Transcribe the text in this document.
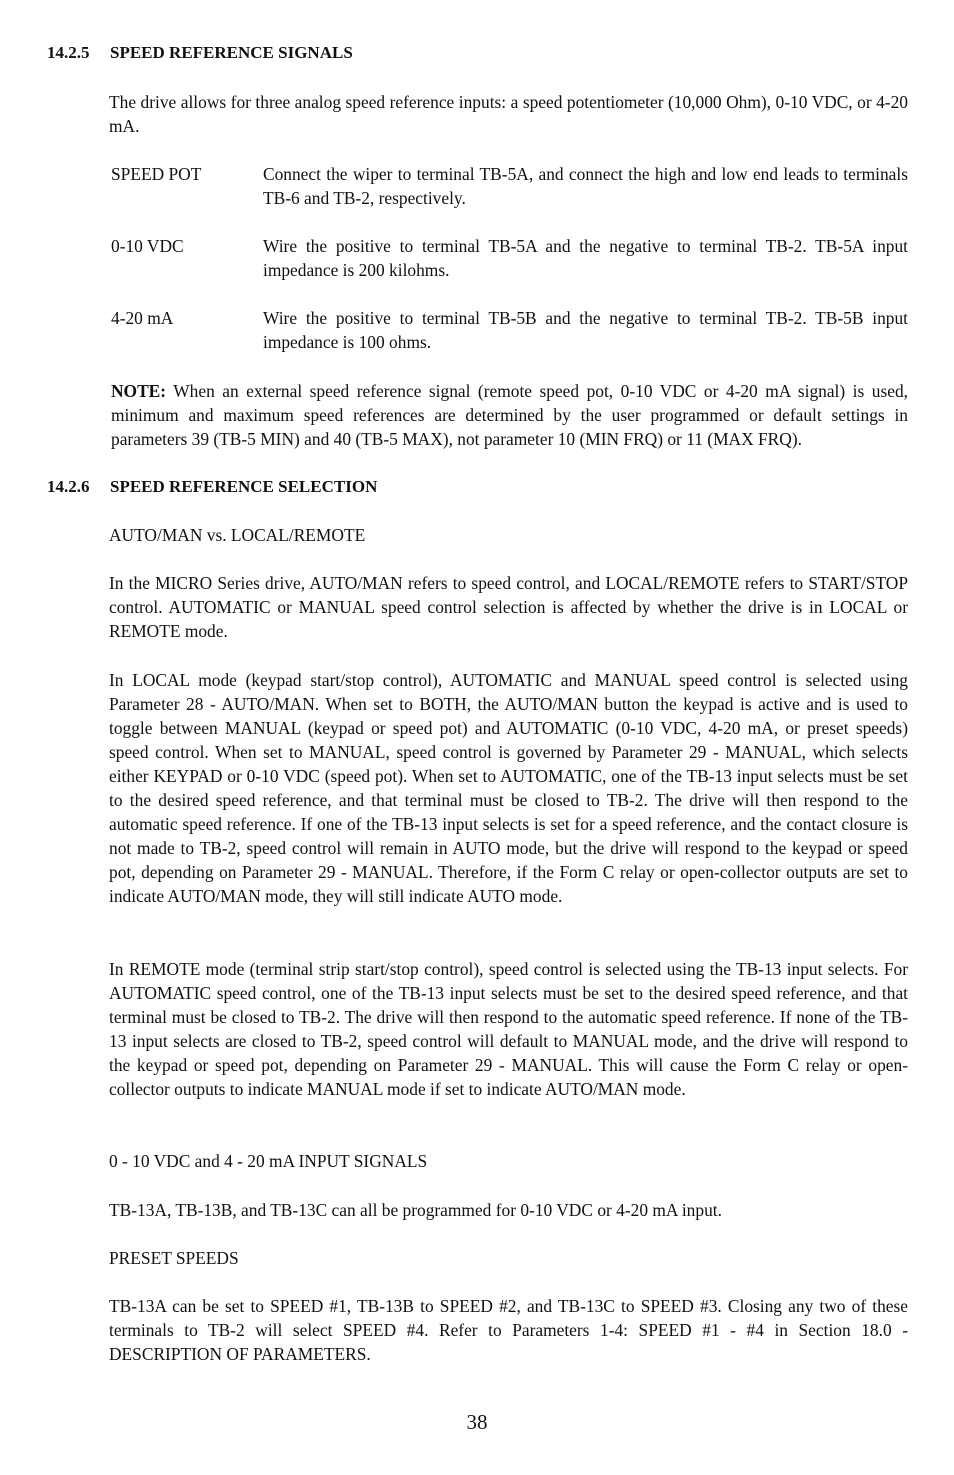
14.2.5 SPEED REFERENCE SIGNALS

The drive allows for three analog speed reference inputs: a speed potentiometer (10,000 Ohm), 0-10 VDC, or 4-20 mA.

SPEED POT	Connect the wiper to terminal TB-5A, and connect the high and low end leads to terminals TB-6 and TB-2, respectively.

0-10 VDC	Wire the positive to terminal TB-5A and the negative to terminal TB-2. TB-5A input impedance is 200 kilohms.

4-20 mA	Wire the positive to terminal TB-5B and the negative to terminal TB-2. TB-5B input impedance is 100 ohms.

NOTE: When an external speed reference signal (remote speed pot, 0-10 VDC or 4-20 mA signal) is used, minimum and maximum speed references are determined by the user programmed or default settings in parameters 39 (TB-5 MIN) and 40 (TB-5 MAX), not parameter 10 (MIN FRQ) or 11 (MAX FRQ).

14.2.6 SPEED REFERENCE SELECTION
AUTO/MAN vs. LOCAL/REMOTE

In the MICRO Series drive, AUTO/MAN refers to speed control, and LOCAL/REMOTE refers to START/STOP control. AUTOMATIC or MANUAL speed control selection is affected by whether the drive is in LOCAL or REMOTE mode.

In LOCAL mode (keypad start/stop control), AUTOMATIC and MANUAL speed control is selected using Parameter 28 - AUTO/MAN. When set to BOTH, the AUTO/MAN button the keypad is active and is used to toggle between MANUAL (keypad or speed pot) and AUTOMATIC (0-10 VDC, 4-20 mA, or preset speeds) speed control. When set to MANUAL, speed control is governed by Parameter 29 - MANUAL, which selects either KEYPAD or 0-10 VDC (speed pot). When set to AUTOMATIC, one of the TB-13 input selects must be set to the desired speed reference, and that terminal must be closed to TB-2. The drive will then respond to the automatic speed reference. If one of the TB-13 input selects is set for a speed reference, and the contact closure is not made to TB-2, speed control will remain in AUTO mode, but the drive will respond to the keypad or speed pot, depending on Parameter 29 - MANUAL. Therefore, if the Form C relay or open-collector outputs are set to indicate AUTO/MAN mode, they will still indicate AUTO mode.

In REMOTE mode (terminal strip start/stop control), speed control is selected using the TB-13 input selects. For AUTOMATIC speed control, one of the TB-13 input selects must be set to the desired speed reference, and that terminal must be closed to TB-2. The drive will then respond to the automatic speed reference. If none of the TB-13 input selects are closed to TB-2, speed control will default to MANUAL mode, and the drive will respond to the keypad or speed pot, depending on Parameter 29 - MANUAL. This will cause the Form C relay or open-collector outputs to indicate MANUAL mode if set to indicate AUTO/MAN mode.

0 - 10 VDC and 4 - 20 mA INPUT SIGNALS

TB-13A, TB-13B, and TB-13C can all be programmed for 0-10 VDC or 4-20 mA input.

PRESET SPEEDS

TB-13A can be set to SPEED #1, TB-13B to SPEED #2, and TB-13C to SPEED #3. Closing any two of these terminals to TB-2 will select SPEED #4. Refer to Parameters 1-4: SPEED #1 - #4 in Section 18.0 - DESCRIPTION OF PARAMETERS.

38
